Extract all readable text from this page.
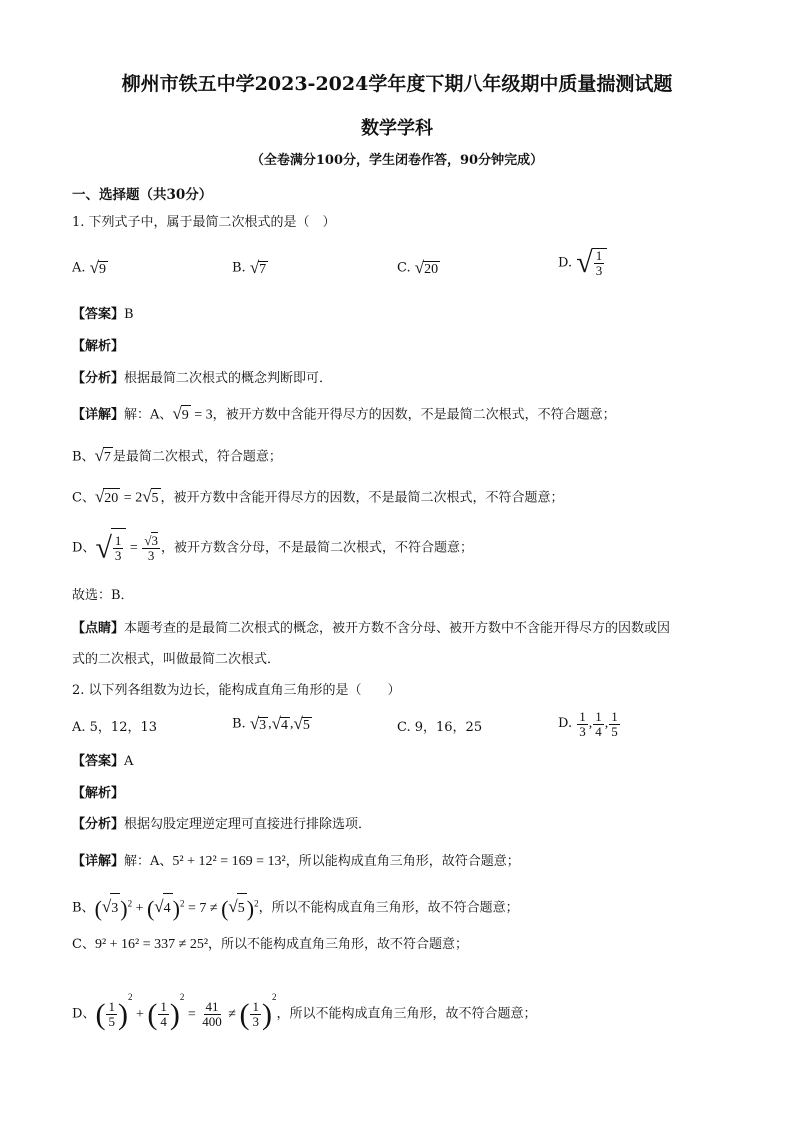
柳州市铁五中学2023-2024学年度下期八年级期中质量揣测试题
数学学科
（全卷满分100分，学生闭卷作答，90分钟完成）
一、选择题（共30分）
1. 下列式子中，属于最简二次根式的是（　）
A. √9	B. √7	C. √20	D. √ $\frac{1}{3}$
【答案】B
【解析】
【分析】根据最简二次根式的概念判断即可．
【详解】解：A、√9 = 3，被开方数中含能开得尽方的因数，不是最简二次根式，不符合题意；
B、√7 是最简二次根式，符合题意；
C、√20 = 2√5 ，被开方数中含能开得尽方的因数，不是最简二次根式，不符合题意；
D、√ $\frac{1}{3} = \frac{√3}{3}$ ，被开方数含分母，不是最简二次根式，不符合题意；
故选：B．
【点睛】本题考查的是最简二次根式的概念，被开方数不含分母、被开方数中不含能开得尽方的因数或因
式的二次根式，叫做最简二次根式．
2. 以下列各组数为边长，能构成直角三角形的是（　　）
A. 5，12，13	B. √3 ,√4 ,√5	C. 9，16，25	D. $\frac{1}{3}$ , $\frac{1}{4}$ , $\frac{1}{5}$
【答案】A
【解析】
【分析】根据勾股定理逆定理可直接进行排除选项．
【详解】解：A、5² + 12² = 169 = 13²，所以能构成直角三角形，故符合题意；
B、$(√3)^2 + (√4)^2 = 7 \ne (√5)^2$，所以不能构成直角三角形，故不符合题意；
C、9² + 16² = 337 ≠ 25²，所以不能构成直角三角形，故不符合题意；
D、( $\frac{1}{5} )^2$ + ( $\frac{1}{4} )^2 = \frac{41}{400}$ ≠ ( $\frac{1}{3} )^2$，所以不能构成直角三角形，故不符合题意；
